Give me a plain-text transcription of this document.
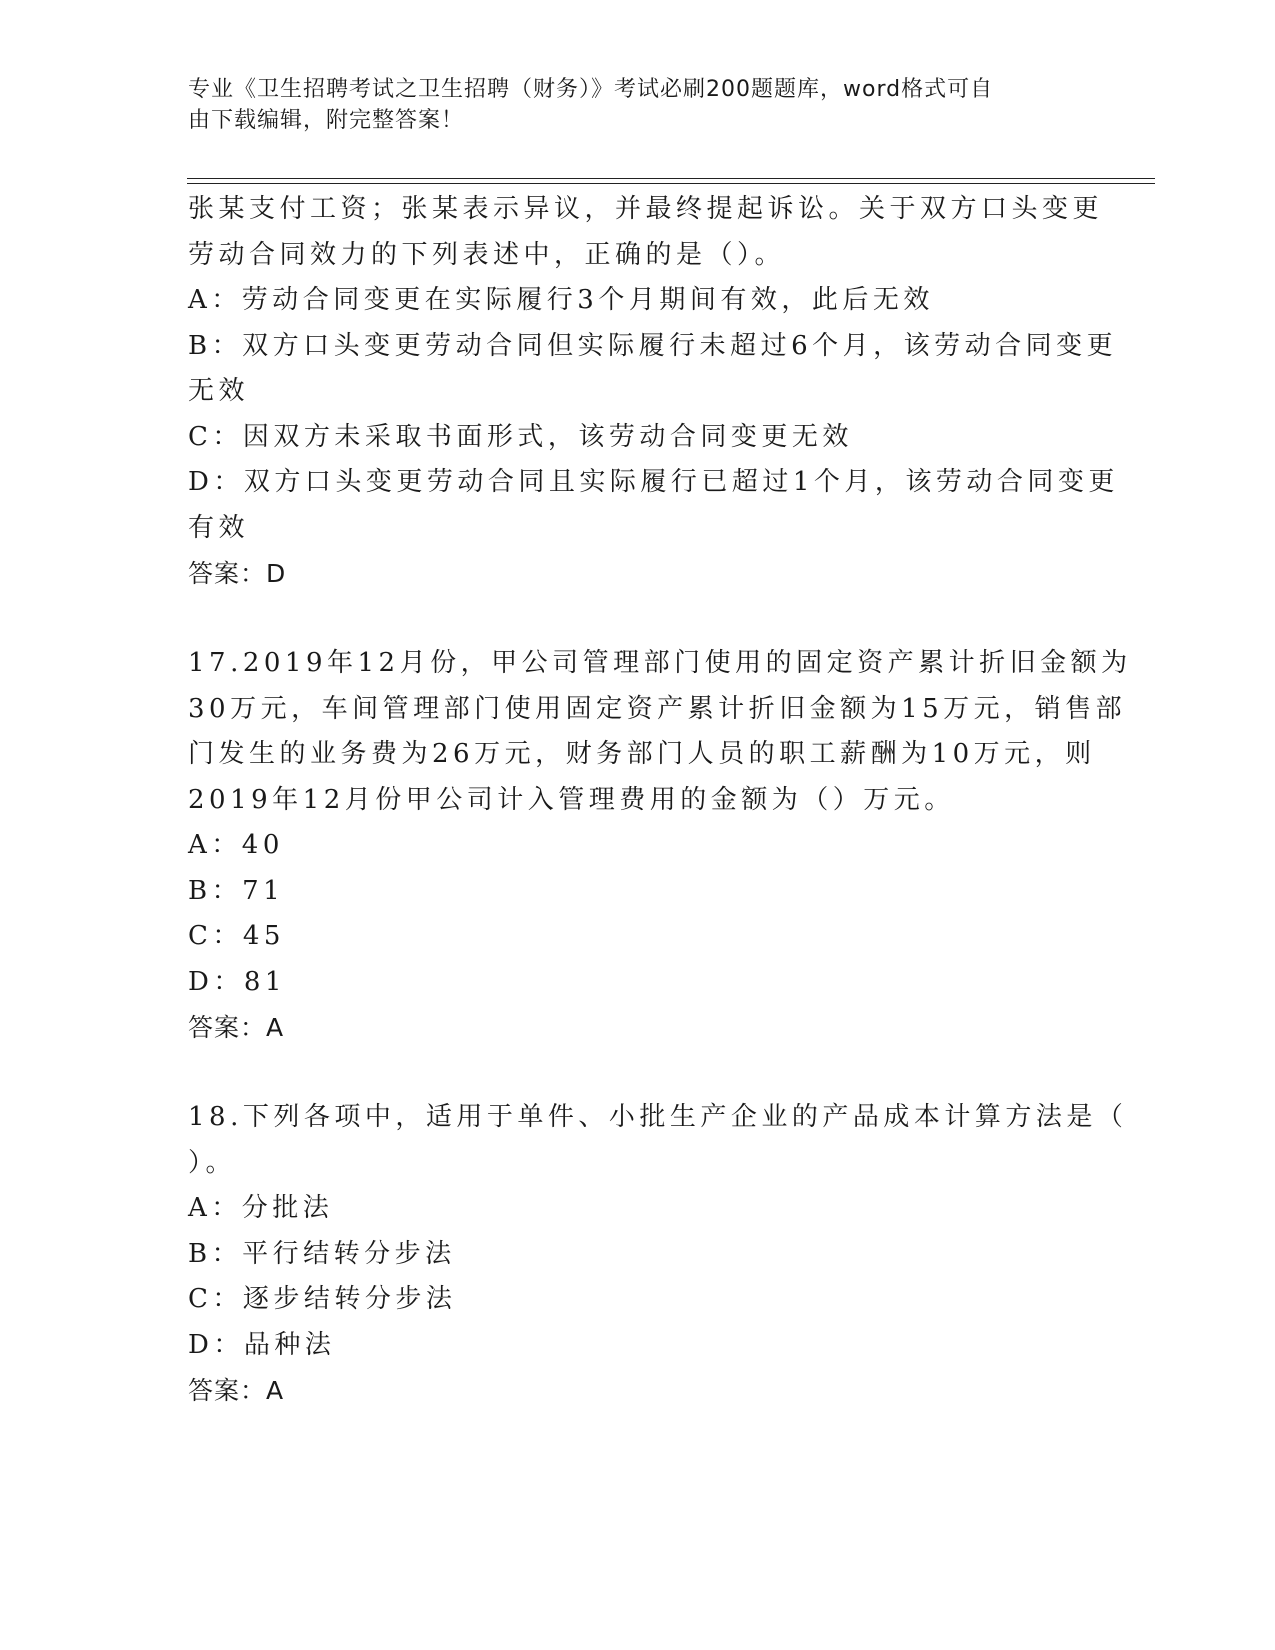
专业《卫生招聘考试之卫生招聘（财务）》考试必刷200题题库，word格式可自
由下载编辑，附完整答案！
张某支付工资；张某表示异议，并最终提起诉讼。关于双方口头变更
劳动合同效力的下列表述中，正确的是（）。
A：劳动合同变更在实际履行3个月期间有效，此后无效
B：双方口头变更劳动合同但实际履行未超过6个月，该劳动合同变更
无效
C：因双方未采取书面形式，该劳动合同变更无效
D：双方口头变更劳动合同且实际履行已超过1个月，该劳动合同变更
有效
答案：D
17.2019年12月份，甲公司管理部门使用的固定资产累计折旧金额为
30万元，车间管理部门使用固定资产累计折旧金额为15万元，销售部
门发生的业务费为26万元，财务部门人员的职工薪酬为10万元，则
2019年12月份甲公司计入管理费用的金额为（）万元。
A：40
B：71
C：45
D：81
答案：A
18.下列各项中，适用于单件、小批生产企业的产品成本计算方法是（
）。
A：分批法
B：平行结转分步法
C：逐步结转分步法
D：品种法
答案：A
